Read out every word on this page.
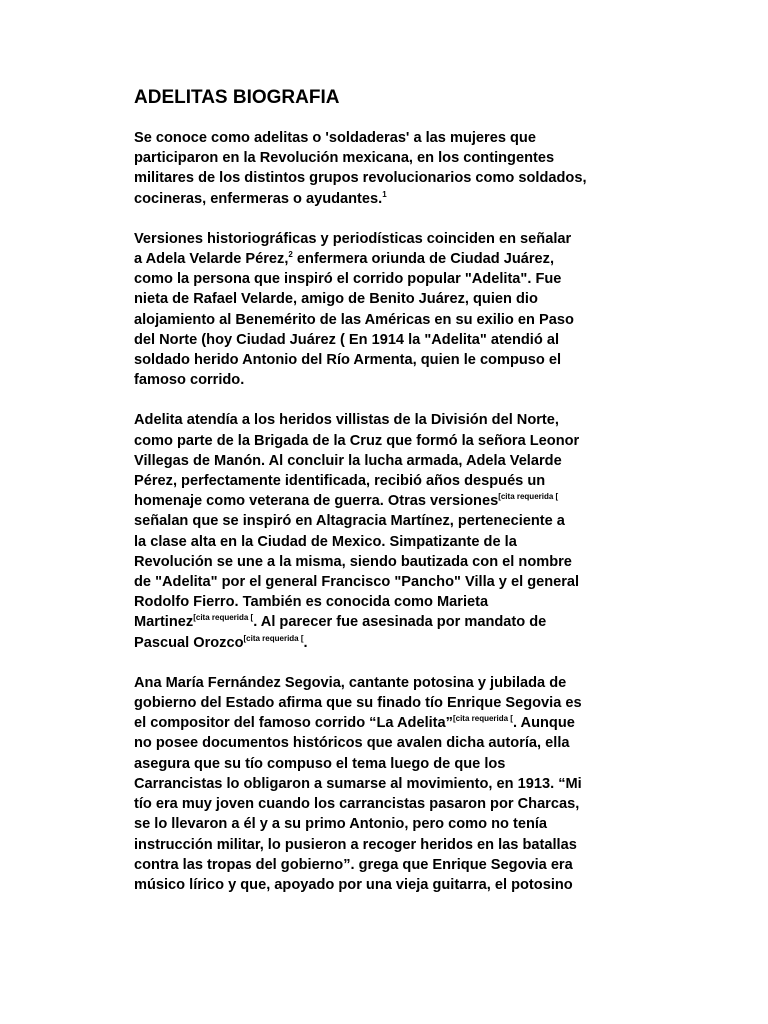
ADELITAS BIOGRAFIA
Se conoce como adelitas o 'soldaderas' a las mujeres que
participaron en la Revolución mexicana, en los contingentes
militares de los distintos grupos revolucionarios como soldados,
cocineras, enfermeras o ayudantes.$^1$
Versiones historiográficas y periodísticas coinciden en señalar
a Adela Velarde Pérez,$^2$ enfermera oriunda de Ciudad Juárez,
como la persona que inspiró el corrido popular "Adelita". Fue
nieta de Rafael Velarde, amigo de Benito Juárez, quien dio
alojamiento al Benemérito de las Américas en su exilio en Paso
del Norte (hoy Ciudad Juárez ( En 1914 la "Adelita" atendió al
soldado herido Antonio del Río Armenta, quien le compuso el
famoso corrido.
Adelita atendía a los heridos villistas de la División del Norte,
como parte de la Brigada de la Cruz que formó la señora Leonor
Villegas de Manón. Al concluir la lucha armada, Adela Velarde
Pérez, perfectamente identificada, recibió años después un
homenaje como veterana de guerra. Otras versiones$^{[cita requerida [}$
señalan que se inspiró en Altagracia Martínez, perteneciente a
la clase alta en la Ciudad de Mexico. Simpatizante de la
Revolución se une a la misma, siendo bautizada con el nombre
de "Adelita" por el general Francisco "Pancho" Villa y el general
Rodolfo Fierro. También es conocida como Marieta
Martinez$^{[cita requerida [}$. Al parecer fue asesinada por mandato de
Pascual Orozco$^{[cita requerida [}$.
Ana María Fernández Segovia, cantante potosina y jubilada de
gobierno del Estado afirma que su finado tío Enrique Segovia es
el compositor del famoso corrido “La Adelita”$^{[cita requerida [}$. Aunque
no posee documentos históricos que avalen dicha autoría, ella
asegura que su tío compuso el tema luego de que los
Carrancistas lo obligaron a sumarse al movimiento, en 1913. “Mi
tío era muy joven cuando los carrancistas pasaron por Charcas,
se lo llevaron a él y a su primo Antonio, pero como no tenía
instrucción militar, lo pusieron a recoger heridos en las batallas
contra las tropas del gobierno”. grega que Enrique Segovia era
músico lírico y que, apoyado por una vieja guitarra, el potosino
